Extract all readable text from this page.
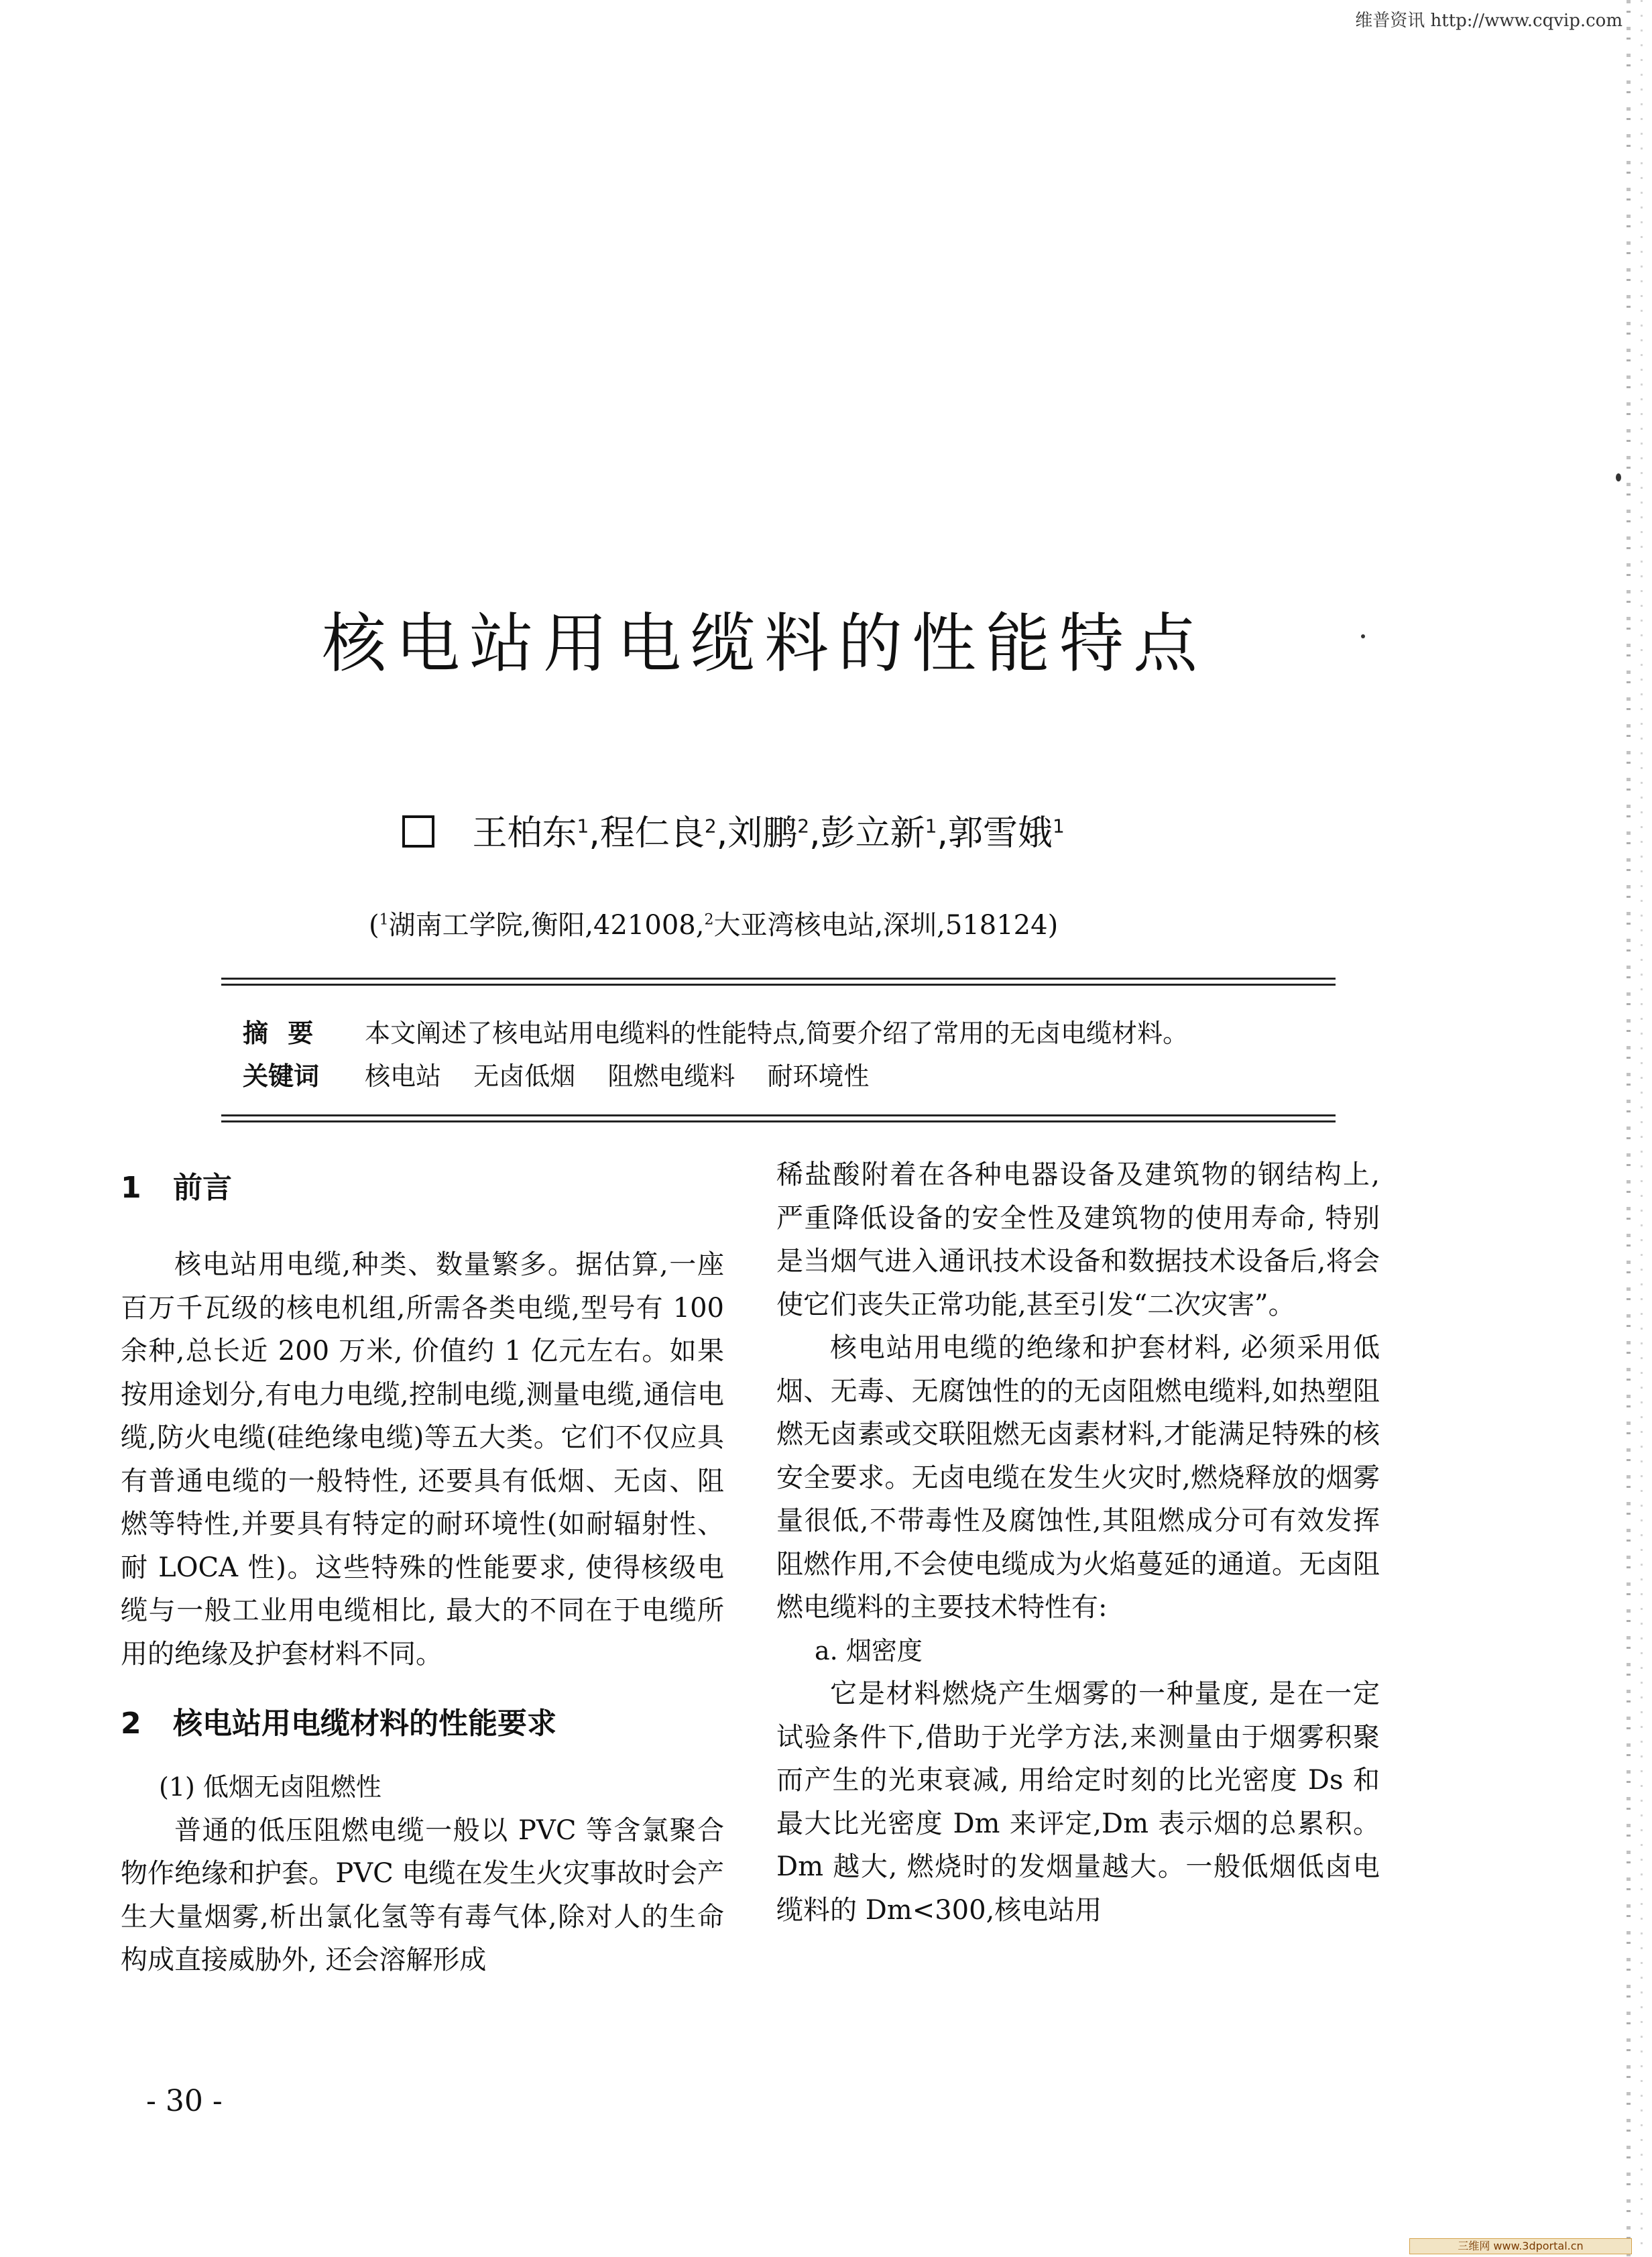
维普资讯 http://www.cqvip.com
核电站用电缆料的性能特点
王柏东$^1$,程仁良$^2$,刘鹏$^2$,彭立新$^1$,郭雪娥$^1$
($^1$湖南工学院,衡阳,421008,$^2$大亚湾核电站,深圳,518124)
摘 要 本文阐述了核电站用电缆料的性能特点,简要介绍了常用的无卤电缆材料。
关键词 核电站 无卤低烟 阻燃电缆料 耐环境性
1 前言

核电站用电缆,种类、数量繁多。据估算,一座百万千瓦级的核电机组,所需各类电缆,型号有 100 余种,总长近 200 万米, 价值约 1 亿元左右。如果按用途划分,有电力电缆,控制电缆,测量电缆,通信电缆,防火电缆(硅绝缘电缆)等五大类。它们不仅应具有普通电缆的一般特性, 还要具有低烟、无卤、阻燃等特性,并要具有特定的耐环境性(如耐辐射性、耐 LOCA 性)。这些特殊的性能要求, 使得核级电缆与一般工业用电缆相比, 最大的不同在于电缆所用的绝缘及护套材料不同。

2 核电站用电缆材料的性能要求

(1) 低烟无卤阻燃性

普通的低压阻燃电缆一般以 PVC 等含氯聚合物作绝缘和护套。PVC 电缆在发生火灾事故时会产生大量烟雾,析出氯化氢等有毒气体,除对人的生命构成直接威胁外, 还会溶解形成

稀盐酸附着在各种电器设备及建筑物的钢结构上, 严重降低设备的安全性及建筑物的使用寿命, 特别是当烟气进入通讯技术设备和数据技术设备后,将会使它们丧失正常功能,甚至引发“二次灾害”。

核电站用电缆的绝缘和护套材料, 必须采用低烟、无毒、无腐蚀性的的无卤阻燃电缆料,如热塑阻燃无卤素或交联阻燃无卤素材料,才能满足特殊的核安全要求。无卤电缆在发生火灾时,燃烧释放的烟雾量很低,不带毒性及腐蚀性,其阻燃成分可有效发挥阻燃作用,不会使电缆成为火焰蔓延的通道。无卤阻燃电缆料的主要技术特性有:

a. 烟密度

它是材料燃烧产生烟雾的一种量度, 是在一定试验条件下,借助于光学方法,来测量由于烟雾积聚而产生的光束衰减, 用给定时刻的比光密度 Ds 和最大比光密度 Dm 来评定,Dm 表示烟的总累积。Dm 越大, 燃烧时的发烟量越大。一般低烟低卤电缆料的 Dm<300,核电站用

- 30 -
三维网 www.3dportal.cn
